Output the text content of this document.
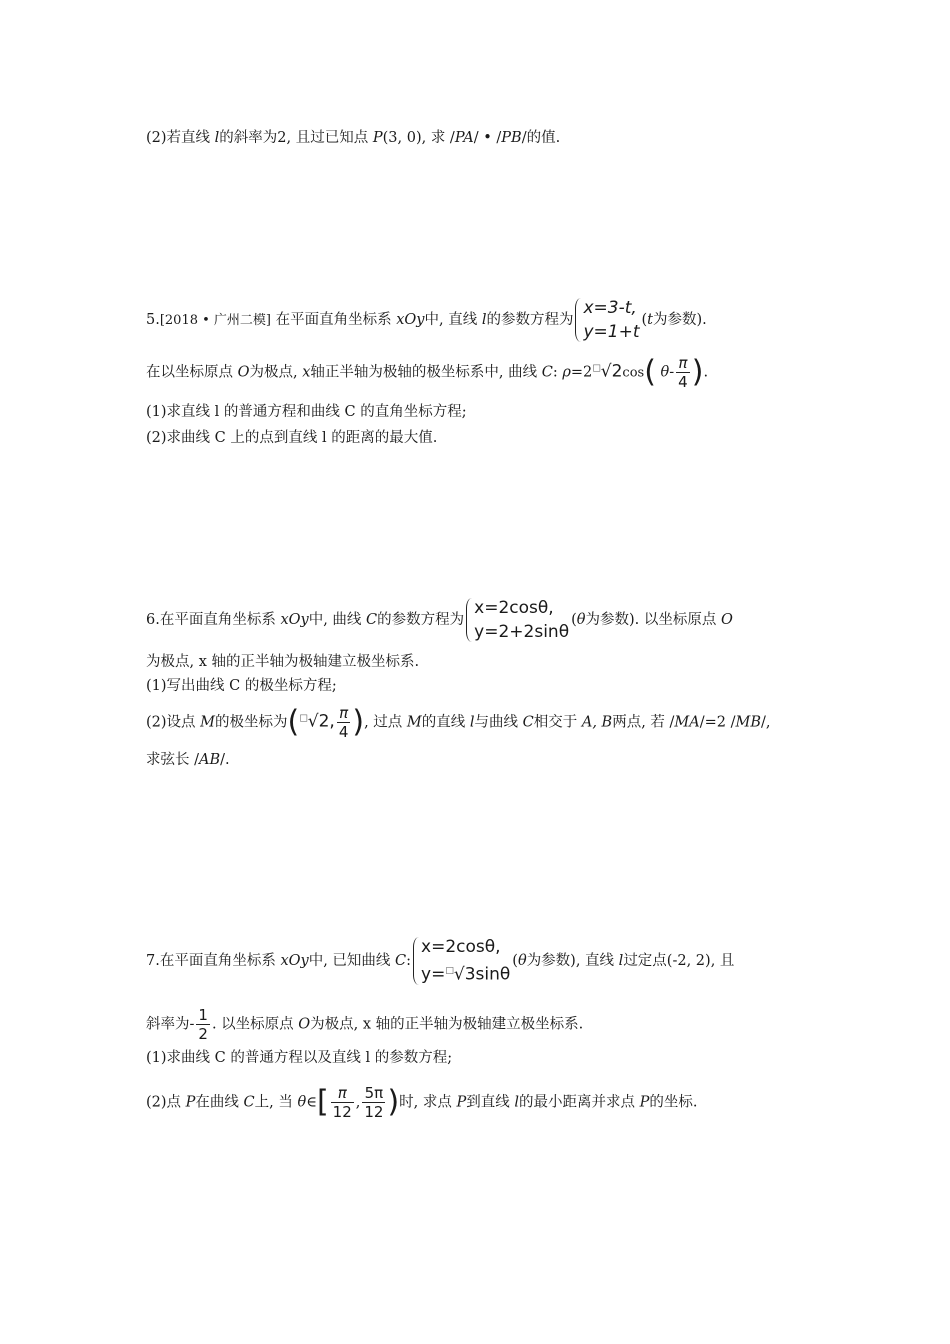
(2)若直线 l的斜率为2, 且过已知点 P(3, 0), 求 /PA/ • /PB/的值.
5.[2018 • 广州二模] 在平面直角坐标系 xOy中, 直线 l的参数方程为
x=3-t,
y=1+t
(t为参数).
在以坐标原点 O为极点, x轴正半轴为极轴的极坐标系中, 曲线 C: ρ=2□√2cos( $\theta- \frac{\pi}{4}$ ).
(1)求直线 l 的普通方程和曲线 C 的直角坐标方程;
(2)求曲线 C 上的点到直线 l 的距离的最大值.
6.在平面直角坐标系 xOy中, 曲线 C的参数方程为
x=2cosθ,
y=2+2sinθ
(θ为参数). 以坐标原点 O
为极点, x 轴的正半轴为极轴建立极坐标系.
(1)写出曲线 C 的极坐标方程;
(2)设点 M的极坐标为(□√2, $\frac{\pi}{4}$ ), 过点 M的直线 l与曲线 C相交于 A, B两点, 若 /MA/=2 /MB/,
求弦长 /AB/.
7.在平面直角坐标系 xOy中, 已知曲线 C:
x=2cosθ,
y=□√3sinθ
(θ为参数), 直线 l过定点(-2, 2), 且
斜率为- $\frac{1}{2}$ . 以坐标原点 O为极点, x 轴的正半轴为极轴建立极坐标系.
(1)求曲线 C 的普通方程以及直线 l 的参数方程;
(2)点 P在曲线 C上, 当 θ∈[ $\frac{\pi}{12}$ , $\frac{5\pi}{12}$ )时, 求点 P到直线 l的最小距离并求点 P的坐标.
